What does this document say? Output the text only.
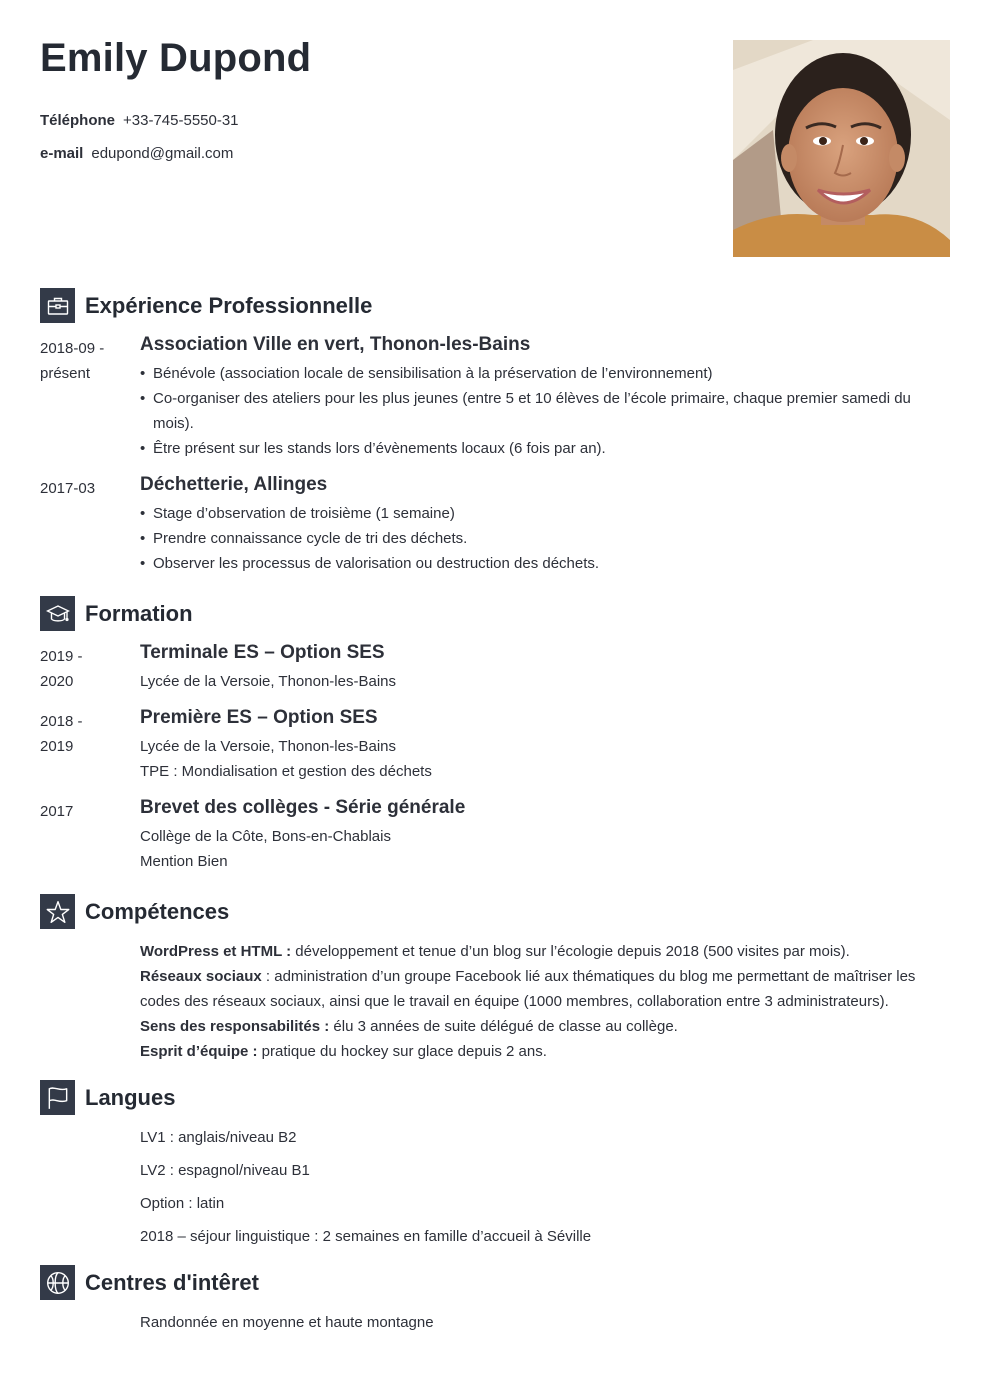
Emily Dupond
Téléphone +33-745-5550-31
e-mail edupond@gmail.com
Expérience Professionnelle
2018-09 -
présent
Association Ville en vert, Thonon-les-Bains
• Bénévole (association locale de sensibilisation à la préservation de l’environnement)
• Co-organiser des ateliers pour les plus jeunes (entre 5 et 10 élèves de l’école primaire, chaque premier samedi du mois).
• Être présent sur les stands lors d’évènements locaux (6 fois par an).
2017-03	Déchetterie, Allinges
• Stage d’observation de troisième (1 semaine)
• Prendre connaissance cycle de tri des déchets.
• Observer les processus de valorisation ou destruction des déchets.
Formation
2019 -
2020
Terminale ES – Option SES
Lycée de la Versoie, Thonon-les-Bains
2018 -
2019
Première ES – Option SES
Lycée de la Versoie, Thonon-les-Bains
TPE : Mondialisation et gestion des déchets
2017	Brevet des collèges - Série générale
Collège de la Côte, Bons-en-Chablais
Mention Bien
Compétences
WordPress et HTML : développement et tenue d’un blog sur l’écologie depuis 2018 (500 visites par mois).
Réseaux sociaux : administration d’un groupe Facebook lié aux thématiques du blog me permettant de maîtriser les codes des réseaux sociaux, ainsi que le travail en équipe (1000 membres, collaboration entre 3 administrateurs).
Sens des responsabilités : élu 3 années de suite délégué de classe au collège.
Esprit d’équipe : pratique du hockey sur glace depuis 2 ans.
Langues
LV1 : anglais/niveau B2
LV2 : espagnol/niveau B1
Option : latin
2018 – séjour linguistique : 2 semaines en famille d’accueil à Séville
Centres d'intêret
Randonnée en moyenne et haute montagne
